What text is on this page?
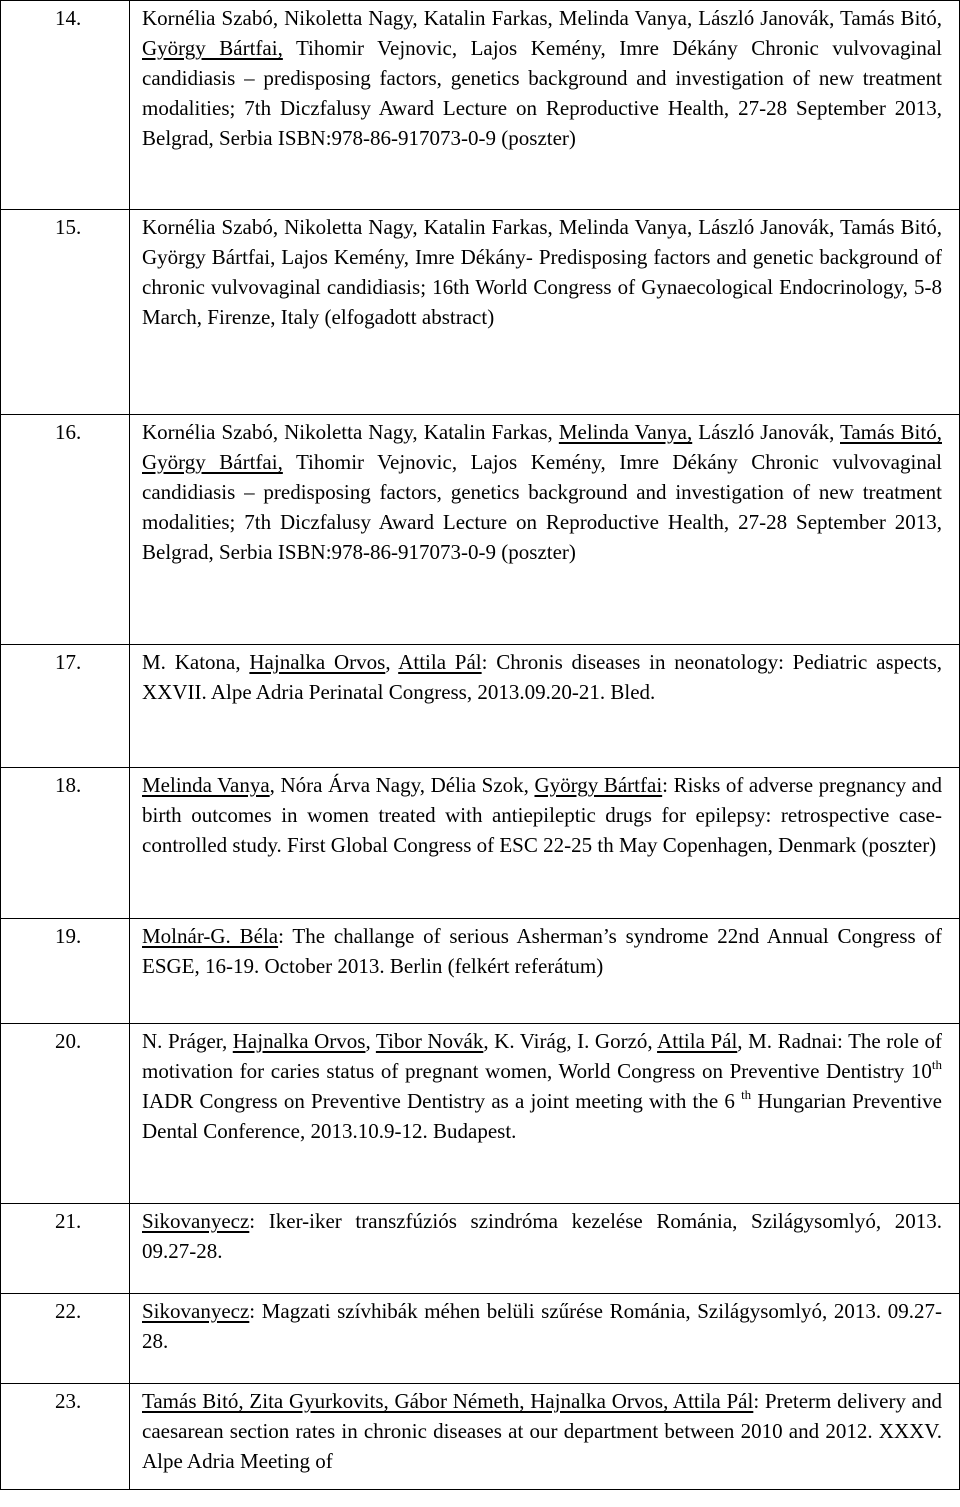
14.	Kornélia Szabó, Nikoletta Nagy, Katalin Farkas, Melinda Vanya, László Janovák, Tamás Bitó, György Bártfai, Tihomir Vejnovic, Lajos Kemény, Imre Dékány Chronic vulvovaginal candidiasis – predisposing factors, genetics background and investigation of new treatment modalities; 7th Diczfalusy Award Lecture on Reproductive Health, 27-28 September 2013, Belgrad, Serbia ISBN:978-86-917073-0-9 (poszter)
15.	Kornélia Szabó, Nikoletta Nagy, Katalin Farkas, Melinda Vanya, László Janovák, Tamás Bitó, György Bártfai, Lajos Kemény, Imre Dékány- Predisposing factors and genetic background of chronic vulvovaginal candidiasis; 16th World Congress of Gynaecological Endocrinology, 5-8 March, Firenze, Italy (elfogadott abstract)
16.	Kornélia Szabó, Nikoletta Nagy, Katalin Farkas, Melinda Vanya, László Janovák, Tamás Bitó, György Bártfai, Tihomir Vejnovic, Lajos Kemény, Imre Dékány Chronic vulvovaginal candidiasis – predisposing factors, genetics background and investigation of new treatment modalities; 7th Diczfalusy Award Lecture on Reproductive Health, 27-28 September 2013, Belgrad, Serbia ISBN:978-86-917073-0-9 (poszter)
17.	M. Katona, Hajnalka Orvos, Attila Pál: Chronis diseases in neonatology: Pediatric aspects, XXVII. Alpe Adria Perinatal Congress, 2013.09.20-21. Bled.
18.	Melinda Vanya, Nóra Árva Nagy, Délia Szok, György Bártfai: Risks of adverse pregnancy and birth outcomes in women treated with antiepileptic drugs for epilepsy: retrospective case-controlled study. First Global Congress of ESC 22-25 th May Copenhagen, Denmark (poszter)
19.	Molnár-G. Béla: The challange of serious Asherman’s syndrome 22nd Annual Congress of ESGE, 16-19. October 2013. Berlin (felkért referátum)
20.	N. Práger, Hajnalka Orvos, Tibor Novák, K. Virág, I. Gorzó, Attila Pál, M. Radnai: The role of motivation for caries status of pregnant women, World Congress on Preventive Dentistry 10th IADR Congress on Preventive Dentistry as a joint meeting with the 6 $^{th}$ Hungarian Preventive Dental Conference, 2013.10.9-12. Budapest.
21.	Sikovanyecz: Iker-iker transzfúziós szindróma kezelése Románia, Szilágysomlyó, 2013. 09.27-28.
22.	Sikovanyecz: Magzati szívhibák méhen belüli szűrése Románia, Szilágysomlyó, 2013. 09.27-28.
23.	Tamás Bitó, Zita Gyurkovits, Gábor Németh, Hajnalka Orvos, Attila Pál: Preterm delivery and caesarean section rates in chronic diseases at our department between 2010 and 2012. XXXV. Alpe Adria Meeting of
